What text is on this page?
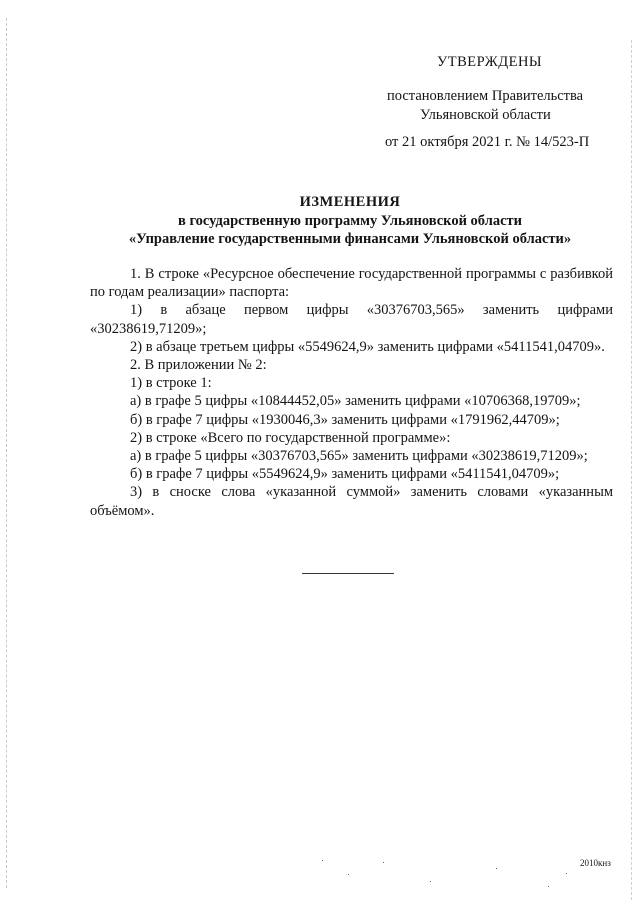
УТВЕРЖДЕНЫ
постановлением Правительства
Ульяновской области
от 21 октября 2021 г. № 14/523-П
ИЗМЕНЕНИЯ
в государственную программу Ульяновской области
«Управление государственными финансами Ульяновской области»
1. В строке «Ресурсное обеспечение государственной программы с разбивкой по годам реализации» паспорта:
1) в абзаце первом цифры «30376703,565» заменить цифрами «30238619,71209»;
2) в абзаце третьем цифры «5549624,9» заменить цифрами «5411541,04709».
2. В приложении № 2:
1) в строке 1:
а) в графе 5 цифры «10844452,05» заменить цифрами «10706368,19709»;
б) в графе 7 цифры «1930046,3» заменить цифрами «1791962,44709»;
2) в строке «Всего по государственной программе»:
а) в графе 5 цифры «30376703,565» заменить цифрами «30238619,71209»;
б) в графе 7 цифры «5549624,9» заменить цифрами «5411541,04709»;
3) в сноске слова «указанной суммой» заменить словами «указанным объёмом».
2010кнз
